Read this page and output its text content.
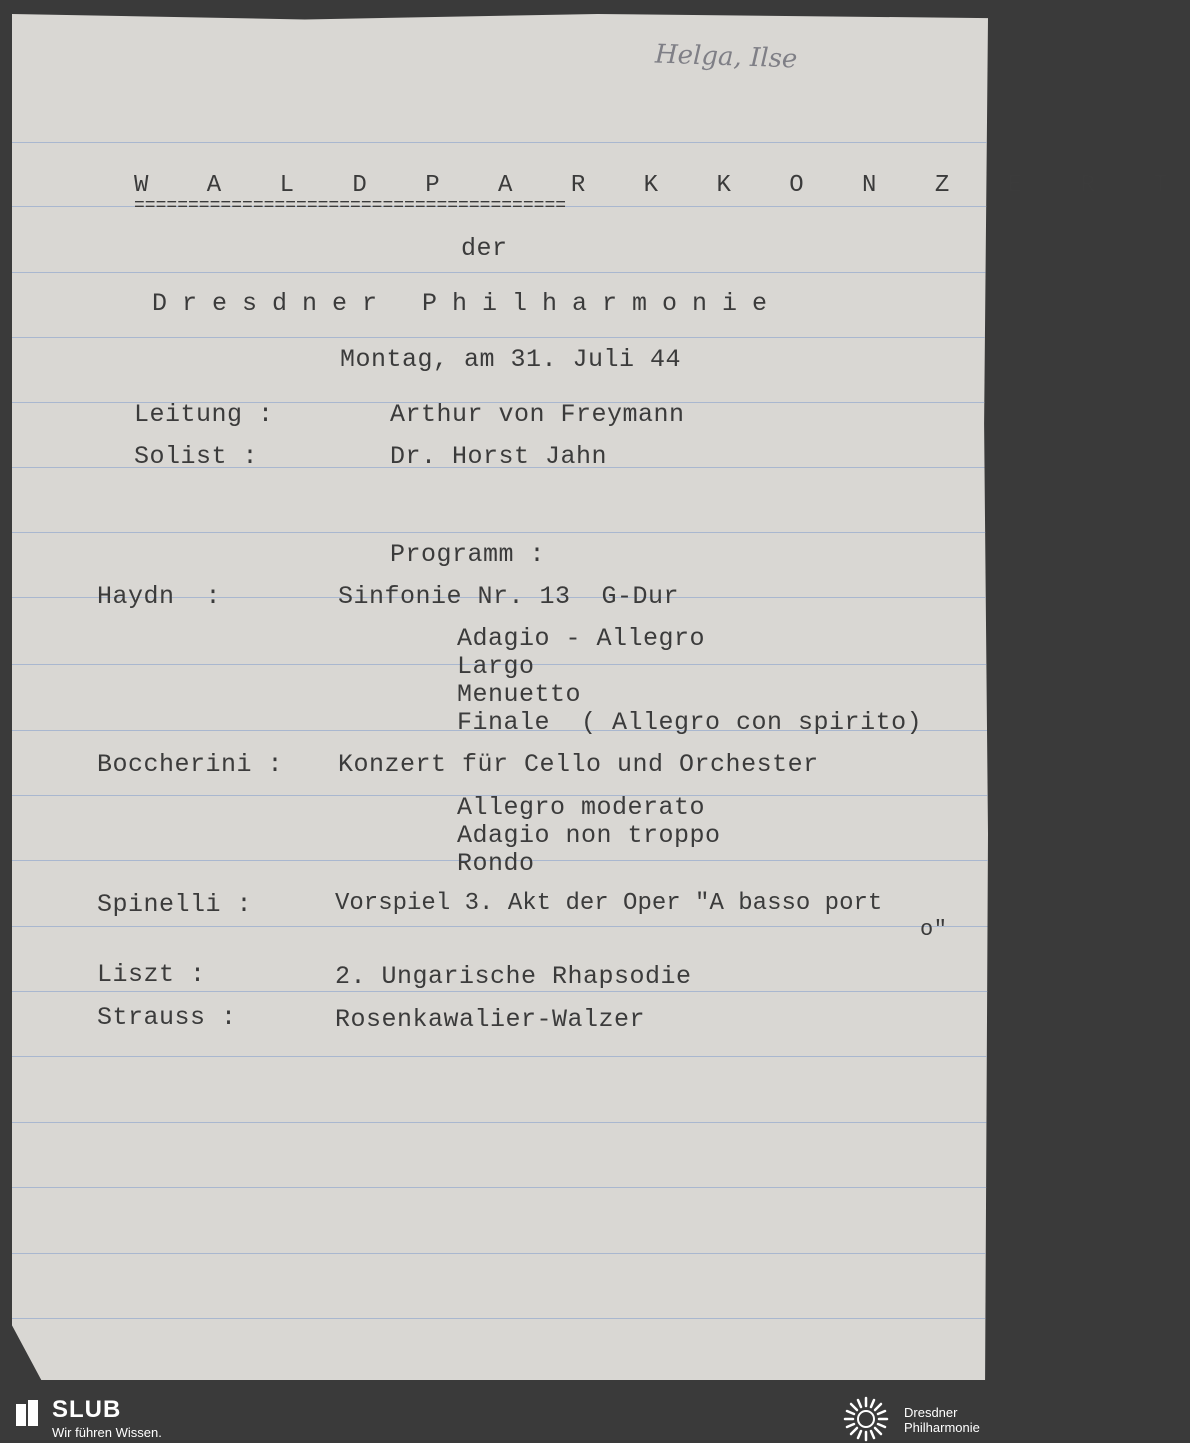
Helga, Ilse
W A L D P A R K K O N Z E R T
========================================
der
Dresdner Philharmonie
Montag, am 31. Juli 44
Leitung :	Arthur von Freymann
Solist :	Dr. Horst Jahn
Programm :
Haydn  :	Sinfonie Nr. 13  G-Dur
Adagio - Allegro
Largo
Menuetto
Finale  ( Allegro con spirito)
Boccherini : Konzert für Cello und Orchester
Allegro moderato
Adagio non troppo
Rondo
Spinelli :	Vorspiel 3. Akt der Oper "A basso port
o"
Liszt :	2. Ungarische Rhapsodie
Strauss :	Rosenkawalier-Walzer
SLUB
Wir führen Wissen.
Dresdner
Philharmonie
